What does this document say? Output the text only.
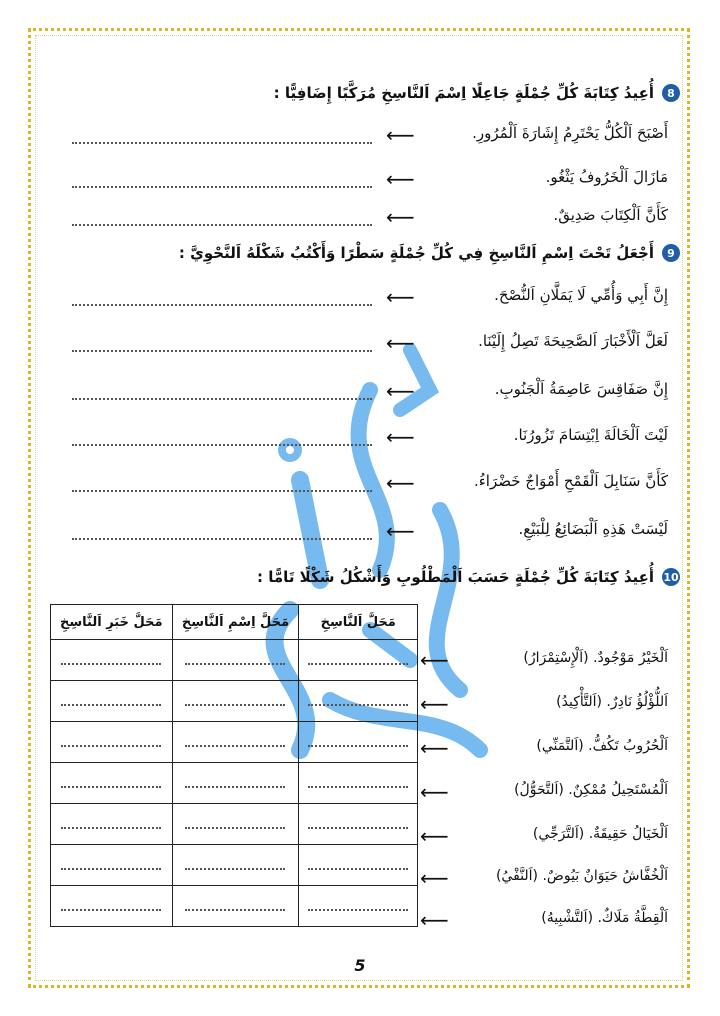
8
أُعِيدُ كِتَابَةَ كُلِّ جُمْلَةٍ جَاعِلًا اِسْمَ اَلنَّاسِخِ مُرَكَّبًا إِضَافِيًّا :
⟵	أَصْبَحَ اَلْكُلُّ يَحْتَرِمُ إِشَارَةَ اَلْمُرُورِ.
⟵	مَازَالَ اَلْخَرُوفُ يَثْغُو.
⟵	كَأَنَّ اَلْكِتَابَ صَدِيقٌ.
9
أَجْعَلُ تَحْتَ اِسْمِ اَلنَّاسِخِ فِي كُلِّ جُمْلَةٍ سَطْرًا وَأَكْتُبُ شَكْلَهُ اَلنَّحْوِيَّ :
⟵	إِنَّ أَبِي وَأُمِّي لَا يَمَلَّانِ اَلنُّصْحَ.
⟵	لَعَلَّ اَلْأَخْبَارَ اَلصَّحِيحَةَ تَصِلُ إِلَيْنَا.
⟵	إِنَّ صَفَاقِسَ عَاصِمَةُ اَلْجَنُوبِ.
⟵	لَيْتَ اَلْخَالَةَ اِبْتِسَامَ تَزُورُنَا.
⟵	كَأَنَّ سَنَابِلَ اَلْقَمْحِ أَمْوَاجٌ خَضْرَاءُ.
⟵	لَيْسَتْ هَذِهِ اَلْبَضَائِعُ لِلْبَيْعِ.
10
أُعِيدُ كِتَابَةَ كُلِّ جُمْلَةٍ حَسَبَ اَلْمَطْلُوبِ وَأَشْكُلُ شَكْلًا تَامًّا :
مَحَلَّ اَلنَّاسِخِ	مَحَلَّ اِسْمِ اَلنَّاسِخِ	مَحَلَّ خَبَرِ اَلنَّاسِخِ

⟵	اَلْخَيْرُ مَوْجُودٌ. (اَلْإِسْتِمْرَارُ)
⟵	اَللُّؤْلُؤُ نَادِرٌ. (اَلتَّأْكِيدُ)
⟵	اَلْحُرُوبُ تَكُفُّ. (اَلتَّمَنِّي)
⟵	اَلْمُسْتَحِيلُ مُمْكِنٌ. (اَلتَّحَوُّلُ)
⟵	اَلْخَيَالُ حَقِيقَةٌ. (اَلتَّرَجِّي)
⟵	اَلْخُفَّاشُ حَيَوَانٌ بَيُوضٌ. (اَلنَّفْيُ)
⟵	اَلْقِطَّةُ مَلَاكٌ. (اَلتَّشْبِيهُ)
5
